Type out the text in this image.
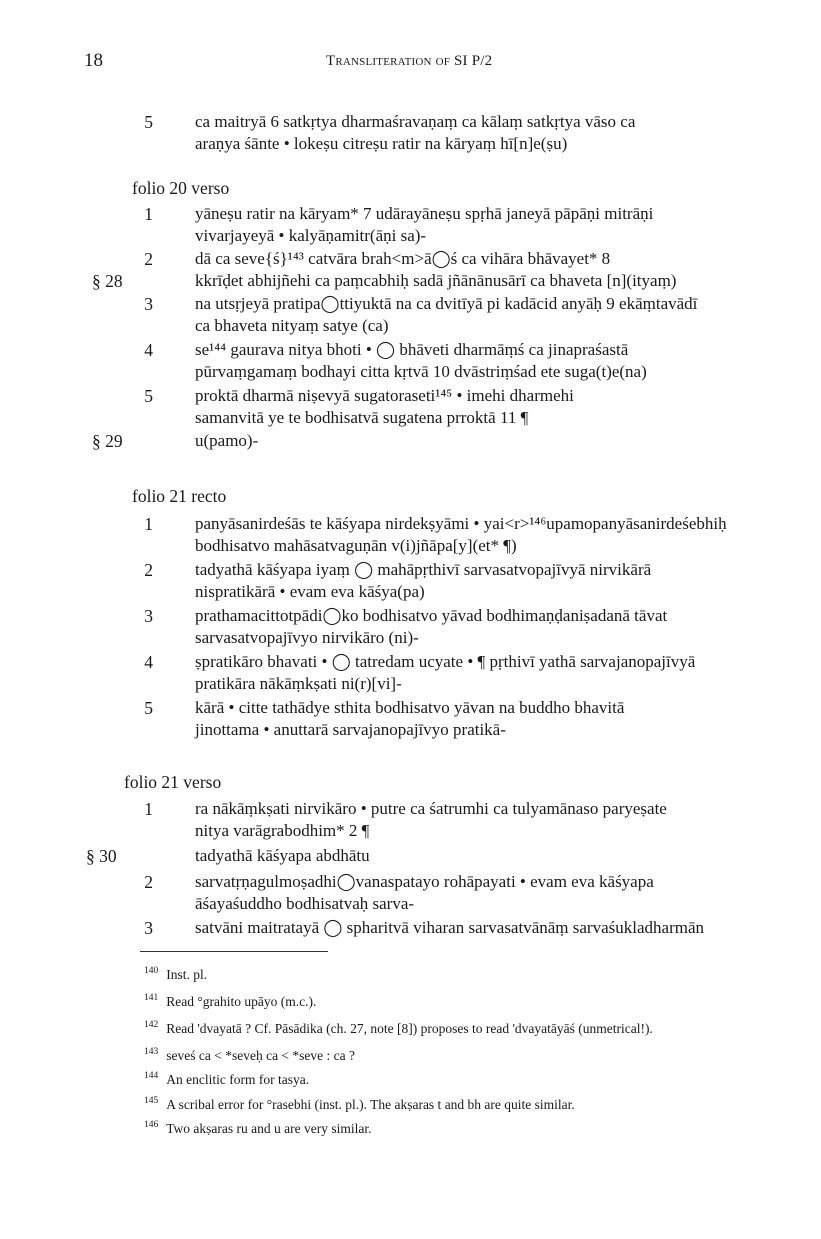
18	Transliteration of SI P/2
5 ca maitryā 6 satkṛtya dharmaśravaṇaṃ ca kālaṃ satkṛtya vāso ca
araṇya śānte • lokeṣu citreṣu ratir na kāryaṃ hī[n]e(ṣu)
folio 20 verso
1 yāneṣu ratir na kāryam* 7 udārayāneṣu spṛhā janeyā pāpāṇi mitrāṇi
vivarjayeyā • kalyāṇamitr(āṇi sa)-
2 dā ca seve{ś}¹⁴³ catvāra brah<m>ā◯ś ca vihāra bhāvayet* 8
§ 28	kkrīḍet abhijñehi ca paṃcabhiḥ sadā jñānānusārī ca bhaveta [n](ityaṃ)
3 na utsṛjeyā pratipa◯ttiyuktā na ca dvitīyā pi kadācid anyāḥ 9 ekāṃtavādī
ca bhaveta nityaṃ satye (ca)
4 se¹⁴⁴ gaurava nitya bhoti • ◯ bhāveti dharmāṃś ca jinapraśastā
pūrvaṃgamaṃ bodhayi citta kṛtvā 10 dvāstriṃśad ete suga(t)e(na)
5 proktā dharmā niṣevyā sugatoraseti¹⁴⁵ • imehi dharmehi
samanvitā ye te bodhisatvā sugatena prroktā 11 ¶
§ 29	u(pamo)-
folio 21 recto
1 panyāsanirdeśās te kāśyapa nirdekṣyāmi • yai<r>¹⁴⁶upamopanyāsanirdeśebhiḥ
bodhisatvo mahāsatvaguṇān v(i)jñāpa[y](et* ¶)
2 tadyathā kāśyapa iyaṃ ◯ mahāpṛthivī sarvasatvopajīvyā nirvikārā
nispratikārā • evam eva kāśya(pa)
3 prathamacittotpādi◯ko bodhisatvo yāvad bodhimaṇḍaniṣadanā tāvat
sarvasatvopajīvyo nirvikāro (ni)-
4 ṣpratikāro bhavati • ◯ tatredam ucyate • ¶ pṛthivī yathā sarvajanopajīvyā
pratikāra nākāṃkṣati ni(r)[vi]-
5 kārā • citte tathādye sthita bodhisatvo yāvan na buddho bhavitā
jinottama • anuttarā sarvajanopajīvyo pratikā-
folio 21 verso
1 ra nākāṃkṣati nirvikāro • putre ca śatrumhi ca tulyamānaso paryeṣate
nitya varāgrabodhim* 2 ¶
§ 30	tadyathā kāśyapa abdhātu
2 sarvatṛṇagulmoṣadhi◯vanaspatayo rohāpayati • evam eva kāśyapa
āśayaśuddho bodhisatvaḥ sarva-
3 satvāni maitratayā ◯ spharitvā viharan sarvasatvānāṃ sarvaśukladharmān
$^{140}$ Inst. pl.
$^{141}$ Read °grahito upāyo (m.c.).
$^{142}$ Read 'dvayatā ? Cf. Pāsādika (ch. 27, note [8]) proposes to read 'dvayatāyāś (unmetrical!).
$^{143}$ seveś ca < *seveḥ ca < *seve : ca ?
$^{144}$ An enclitic form for tasya.
$^{145}$ A scribal error for °rasebhi (inst. pl.). The akṣaras t and bh are quite similar.
$^{146}$ Two akṣaras ru and u are very similar.
